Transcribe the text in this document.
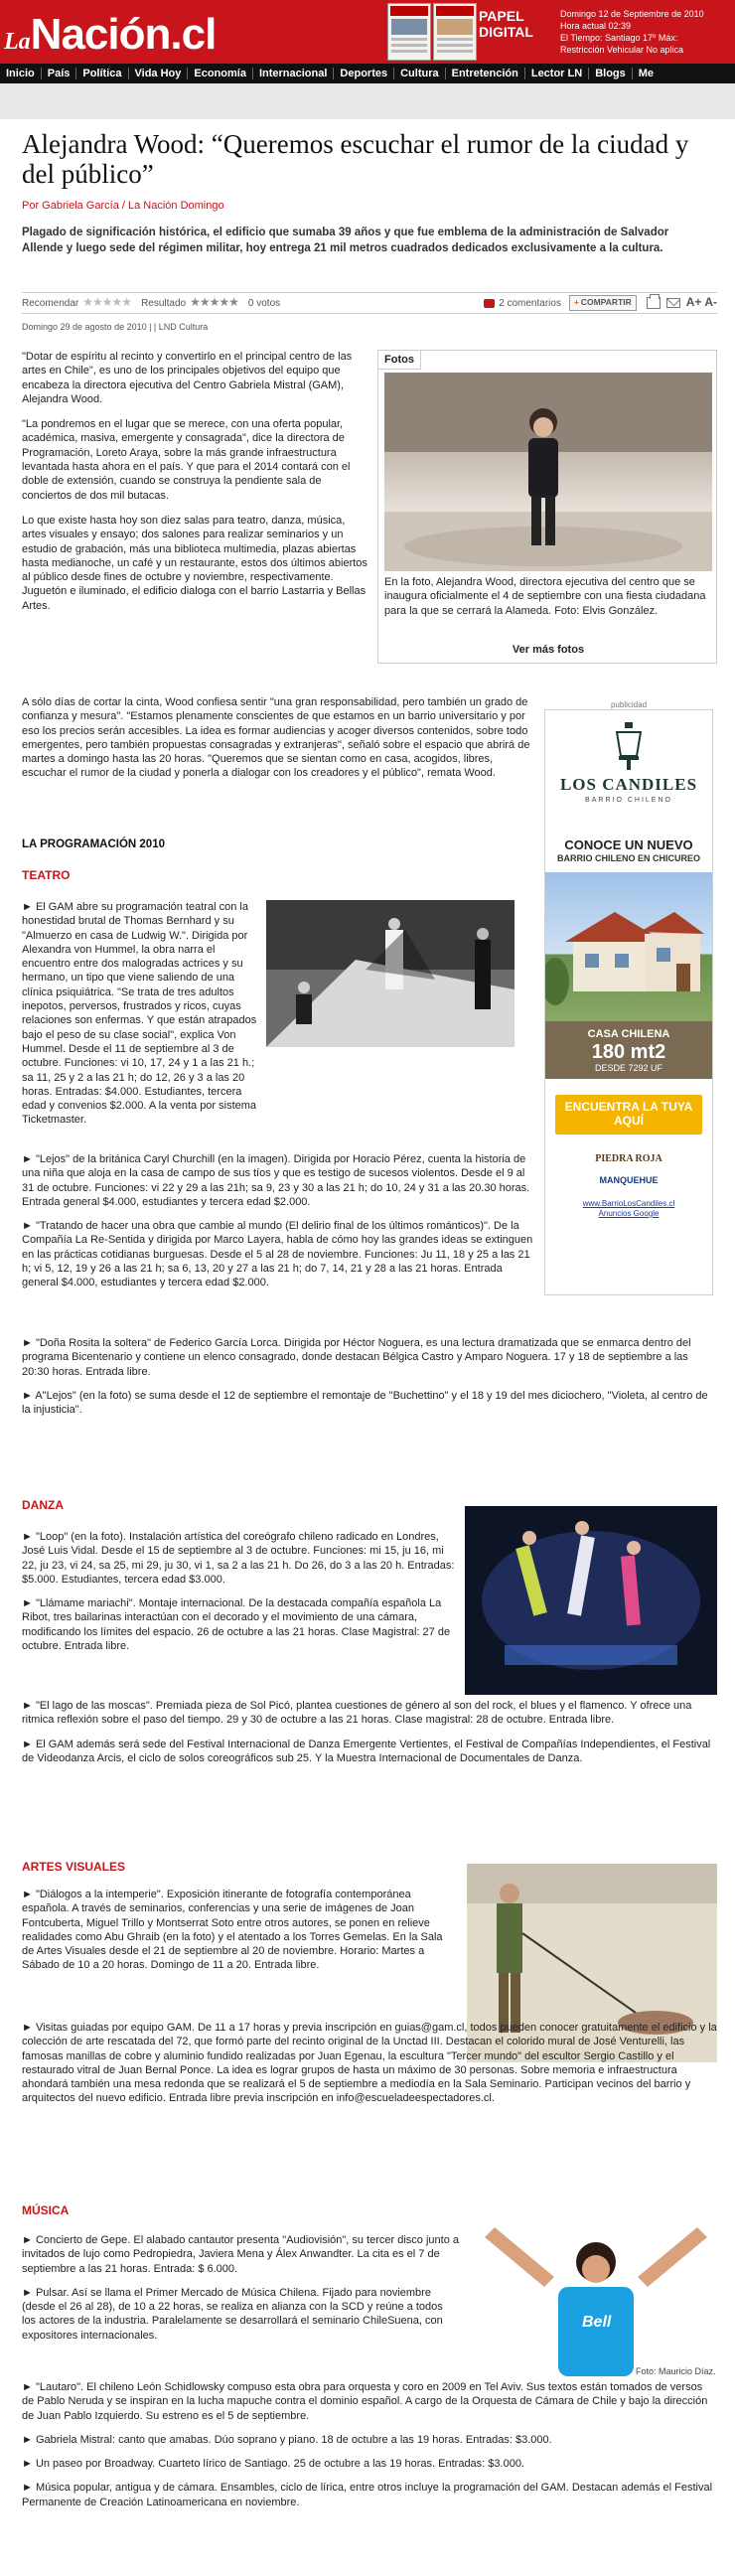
LaNación.cl	PAPEL DIGITAL
Domingo 12 de Septiembre de 2010
Hora actual 02:39
El Tiempo: Santiago 17º Máx:
Restricción Vehicular No aplica
Inicio	País	Política	Vida Hoy	Economía	Internacional	Deportes	Cultura	Entretención	Lector LN	Blogs	Me
Alejandra Wood: “Queremos escuchar el rumor de la ciudad y del público”
Por Gabriela García / La Nación Domingo
Plagado de significación histórica, el edificio que sumaba 39 años y que fue emblema de la administración de Salvador Allende y luego sede del régimen militar, hoy entrega 21 mil metros cuadrados dedicados exclusivamente a la cultura.
Recomendar ★★★★★ Resultado ★★★★★ 0 votos	2 comentarios + COMPARTIR	A+ A-
Domingo 29 de agosto de 2010 | | LND Cultura

"Dotar de espíritu al recinto y convertirlo en el principal centro de las artes en Chile", es uno de los principales objetivos del equipo que encabeza la directora ejecutiva del Centro Gabriela Mistral (GAM), Alejandra Wood.

"La pondremos en el lugar que se merece, con una oferta popular, académica, masiva, emergente y consagrada", dice la directora de Programación, Loreto Araya, sobre la más grande infraestructura levantada hasta ahora en el país. Y que para el 2014 contará con el doble de extensión, cuando se construya la pendiente sala de conciertos de dos mil butacas.

Lo que existe hasta hoy son diez salas para teatro, danza, música, artes visuales y ensayo; dos salones para realizar seminarios y un estudio de grabación, más una biblioteca multimedia, plazas abiertas hasta medianoche, un café y un restaurante, estos dos últimos abiertos al público desde fines de octubre y noviembre, respectivamente. Juguetón e iluminado, el edificio dialoga con el barrio Lastarria y Bellas Artes.

Fotos
En la foto, Alejandra Wood, directora ejecutiva del centro que se inaugura oficialmente el 4 de septiembre con una fiesta ciudadana para la que se cerrará la Alameda. Foto: Elvis González.
Ver más fotos
A sólo días de cortar la cinta, Wood confiesa sentir "una gran responsabilidad, pero también un grado de confianza y mesura". "Estamos plenamente conscientes de que estamos en un barrio universitario y por eso los precios serán accesibles. La idea es formar audiencias y acoger diversos contenidos, sobre todo emergentes, pero también propuestas consagradas y extranjeras", señaló sobre el espacio que abrirá de martes a domingo hasta las 20 horas. "Queremos que se sientan como en casa, acogidos, libres, escuchar el rumor de la ciudad y ponerla a dialogar con los creadores y el público", remata Wood.
LA PROGRAMACIÓN 2010
TEATRO

► El GAM abre su programación teatral con la honestidad brutal de Thomas Bernhard y su "Almuerzo en casa de Ludwig W.". Dirigida por Alexandra von Hummel, la obra narra el encuentro entre dos malogradas actrices y su hermano, un tipo que viene saliendo de una clínica psiquiátrica. "Se trata de tres adultos inepotos, perversos, frustrados y ricos, cuyas relaciones son enfermas. Y que están atrapados bajo el peso de su clase social", explica Von Hummel. Desde el 11 de septiembre al 3 de octubre. Funciones: vi 10, 17, 24 y 1 a las 21 h.; sa 11, 25 y 2 a las 21 h; do 12, 26 y 3 a las 20 horas. Entradas: $4.000. Estudiantes, tercera edad y convenios $2.000. A la venta por sistema Ticketmaster.

► "Lejos" de la británica Caryl Churchill (en la imagen). Dirigida por Horacio Pérez, cuenta la historia de una niña que aloja en la casa de campo de sus tíos y que es testigo de sucesos violentos. Desde el 9 al 31 de octubre. Funciones: vi 22 y 29 a las 21h; sa 9, 23 y 30 a las 21 h; do 10, 24 y 31 a las 20.30 horas. Entrada general $4.000, estudiantes y tercera edad $2.000.

► "Tratando de hacer una obra que cambie al mundo (El delirio final de los últimos románticos)". De la Compañía La Re-Sentida y dirigida por Marco Layera, habla de cómo hoy las grandes ideas se extinguen en las prácticas cotidianas burguesas. Desde el 5 al 28 de noviembre. Funciones: Ju 11, 18 y 25 a las 21 h; vi 5, 12, 19 y 26 a las 21 h; sa 6, 13, 20 y 27 a las 21 h; do 7, 14, 21 y 28 a las 21 horas. Entrada general $4.000, estudiantes y tercera edad $2.000.

► "Doña Rosita la soltera" de Federico García Lorca. Dirigida por Héctor Noguera, es una lectura dramatizada que se enmarca dentro del programa Bicentenario y contiene un elenco consagrado, donde destacan Bélgica Castro y Amparo Noguera. 17 y 18 de septiembre a las 20:30 horas. Entrada libre.

► A"Lejos" (en la foto) se suma desde el 12 de septiembre el remontaje de "Buchettino" y el 18 y 19 del mes diciochero, "Violeta, al centro de la injusticia".

publicidad
LOS CANDILES
BARRIO CHILENO
CONOCE UN NUEVO
BARRIO CHILENO EN CHICUREO
CASA CHILENA
180 mt2
DESDE 7292 UF
ENCUENTRA LA TUYA AQUÍ
PIEDRA ROJA
MANQUEHUE
www.BarrioLosCandiles.cl
Anuncios Google
DANZA

► "Loop" (en la foto). Instalación artística del coreógrafo chileno radicado en Londres, José Luis Vidal. Desde el 15 de septiembre al 3 de octubre. Funciones: mi 15, ju 16, mi 22, ju 23, vi 24, sa 25, mi 29, ju 30, vi 1, sa 2 a las 21 h. Do 26, do 3 a las 20 h. Entradas: $5.000. Estudiantes, tercera edad $3.000.

► "Llámame mariachi". Montaje internacional. De la destacada compañía española La Ribot, tres bailarinas interactúan con el decorado y el movimiento de una cámara, modificando los límites del espacio. 26 de octubre a las 21 horas. Clase Magistral: 27 de octubre. Entrada libre.

► "El lago de las moscas". Premiada pieza de Sol Picó, plantea cuestiones de género al son del rock, el blues y el flamenco. Y ofrece una ritmica reflexión sobre el paso del tiempo. 29 y 30 de octubre a las 21 horas. Clase magistral: 28 de octubre. Entrada libre.

► El GAM además será sede del Festival Internacional de Danza Emergente Vertientes, el Festival de Compañías Independientes, el Festival de Videodanza Arcis, el ciclo de solos coreográficos sub 25. Y la Muestra Internacional de Documentales de Danza.

ARTES VISUALES

► "Diálogos a la intemperie". Exposición itinerante de fotografía contemporánea española. A través de seminarios, conferencias y una serie de imágenes de Joan Fontcuberta, Miguel Trillo y Montserrat Soto entre otros autores, se ponen en relieve realidades como Abu Ghraib (en la foto) y el atentado a los Torres Gemelas. En la Sala de Artes Visuales desde el 21 de septiembre al 20 de noviembre. Horario: Martes a Sábado de 10 a 20 horas. Domingo de 11 a 20. Entrada libre.

► Visitas guiadas por equipo GAM. De 11 a 17 horas y previa inscripción en guias@gam.cl, todos pueden conocer gratuitamente el edificio y la colección de arte rescatada del 72, que formó parte del recinto original de la Unctad III. Destacan el colorido mural de José Venturelli, las famosas manillas de cobre y aluminio fundido realizadas por Juan Egenau, la escultura "Tercer mundo" del escultor Sergio Castillo y el restaurado vitral de Juan Bernal Ponce. La idea es lograr grupos de hasta un máximo de 30 personas. Sobre memoria e infraestructura ahondará también una mesa redonda que se realizará el 5 de septiembre a mediodía en la Sala Seminario. Participan vecinos del barrio y arquitectos del nuevo edificio. Entrada libre previa inscripción en info@escueladeespectadores.cl.

MÚSICA
Bell
Foto: Mauricio Díaz.

► Concierto de Gepe. El alabado cantautor presenta "Audiovisión", su tercer disco junto a invitados de lujo como Pedropiedra, Javiera Mena y Álex Anwandter. La cita es el 7 de septiembre a las 21 horas. Entrada: $ 6.000.

► Pulsar. Así se llama el Primer Mercado de Música Chilena. Fijado para noviembre (desde el 26 al 28), de 10 a 22 horas, se realiza en alianza con la SCD y reúne a todos los actores de la industria. Paralelamente se desarrollará el seminario ChileSuena, con expositores internacionales.

► "Lautaro". El chileno León Schidlowsky compuso esta obra para orquesta y coro en 2009 en Tel Aviv. Sus textos están tomados de versos de Pablo Neruda y se inspiran en la lucha mapuche contra el dominio español. A cargo de la Orquesta de Cámara de Chile y bajo la dirección de Juan Pablo Izquierdo. Su estreno es el 5 de septiembre.

► Gabriela Mistral: canto que amabas. Dúo soprano y piano. 18 de octubre a las 19 horas. Entradas: $3.000.

► Un paseo por Broadway. Cuarteto lírico de Santiago. 25 de octubre a las 19 horas. Entradas: $3.000.

► Música popular, antigua y de cámara. Ensambles, ciclo de lírica, entre otros incluye la programación del GAM. Destacan además el Festival Permanente de Creación Latinoamericana en noviembre.
